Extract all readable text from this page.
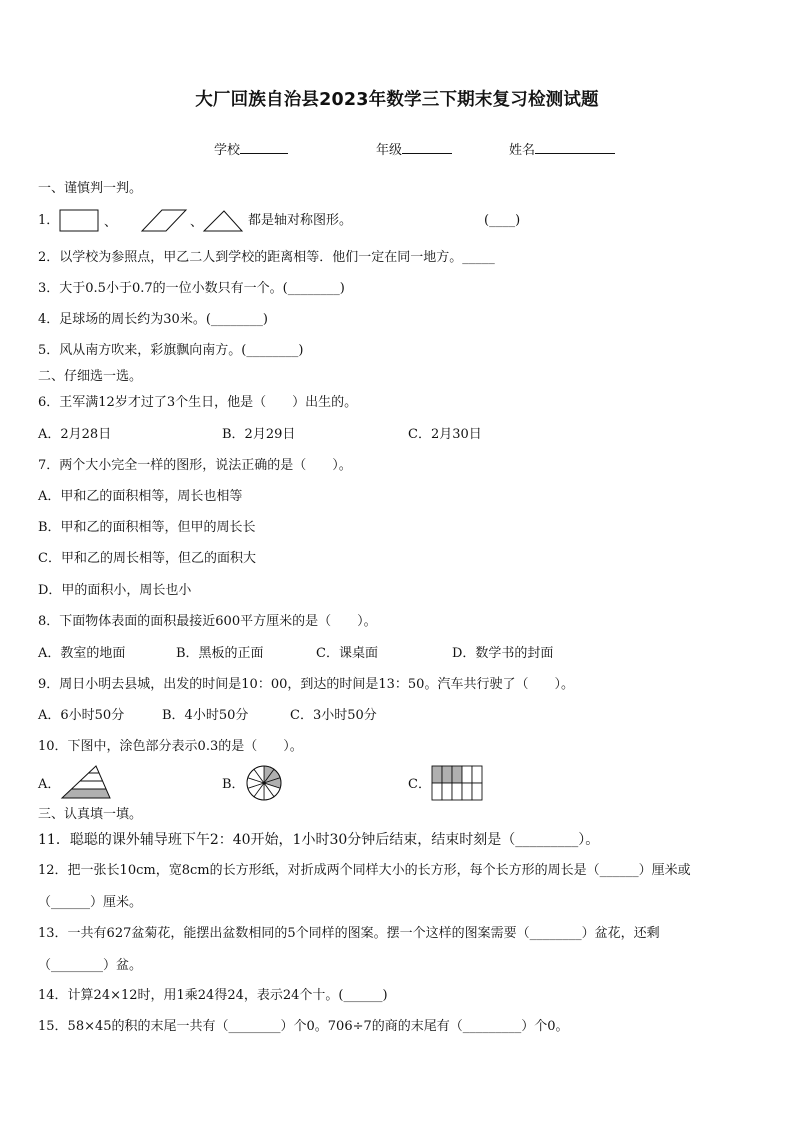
大厂回族自治县2023年数学三下期末复习检测试题
学校	年级	姓名
一、谨慎判一判。
1．	、	、	都是轴对称图形。	(____)
2．以学校为参照点，甲乙二人到学校的距离相等．他们一定在同一地方。_____
3．大于0.5小于0.7的一位小数只有一个。(________)
4．足球场的周长约为30米。(________)
5．风从南方吹来，彩旗飘向南方。(________)
二、仔细选一选。
6．王军满12岁才过了3个生日，他是（　　）出生的。
A．2月28日	B．2月29日	C．2月30日
7．两个大小完全一样的图形，说法正确的是（　　）。
A．甲和乙的面积相等，周长也相等
B．甲和乙的面积相等，但甲的周长长
C．甲和乙的周长相等，但乙的面积大
D．甲的面积小，周长也小
8．下面物体表面的面积最接近600平方厘米的是（　　）。
A．教室的地面	B．黑板的正面	C．课桌面	D．数学书的封面
9．周日小明去县城，出发的时间是10：00，到达的时间是13：50。汽车共行驶了（　　）。
A．6小时50分	B．4小时50分	C．3小时50分
10．下图中，涂色部分表示0.3的是（　　）。
A．	B．	C．
三、认真填一填。
11．聪聪的课外辅导班下午2：40开始，1小时30分钟后结束，结束时刻是（_________）。
12．把一张长10cm，宽8cm的长方形纸，对折成两个同样大小的长方形，每个长方形的周长是（______）厘米或
（______）厘米。
13．一共有627盆菊花，能摆出盆数相同的5个同样的图案。摆一个这样的图案需要（________）盆花，还剩
（________）盆。
14．计算24×12时，用1乘24得24，表示24个十。(______)
15．58×45的积的末尾一共有（________）个0。706÷7的商的末尾有（_________）个0。
